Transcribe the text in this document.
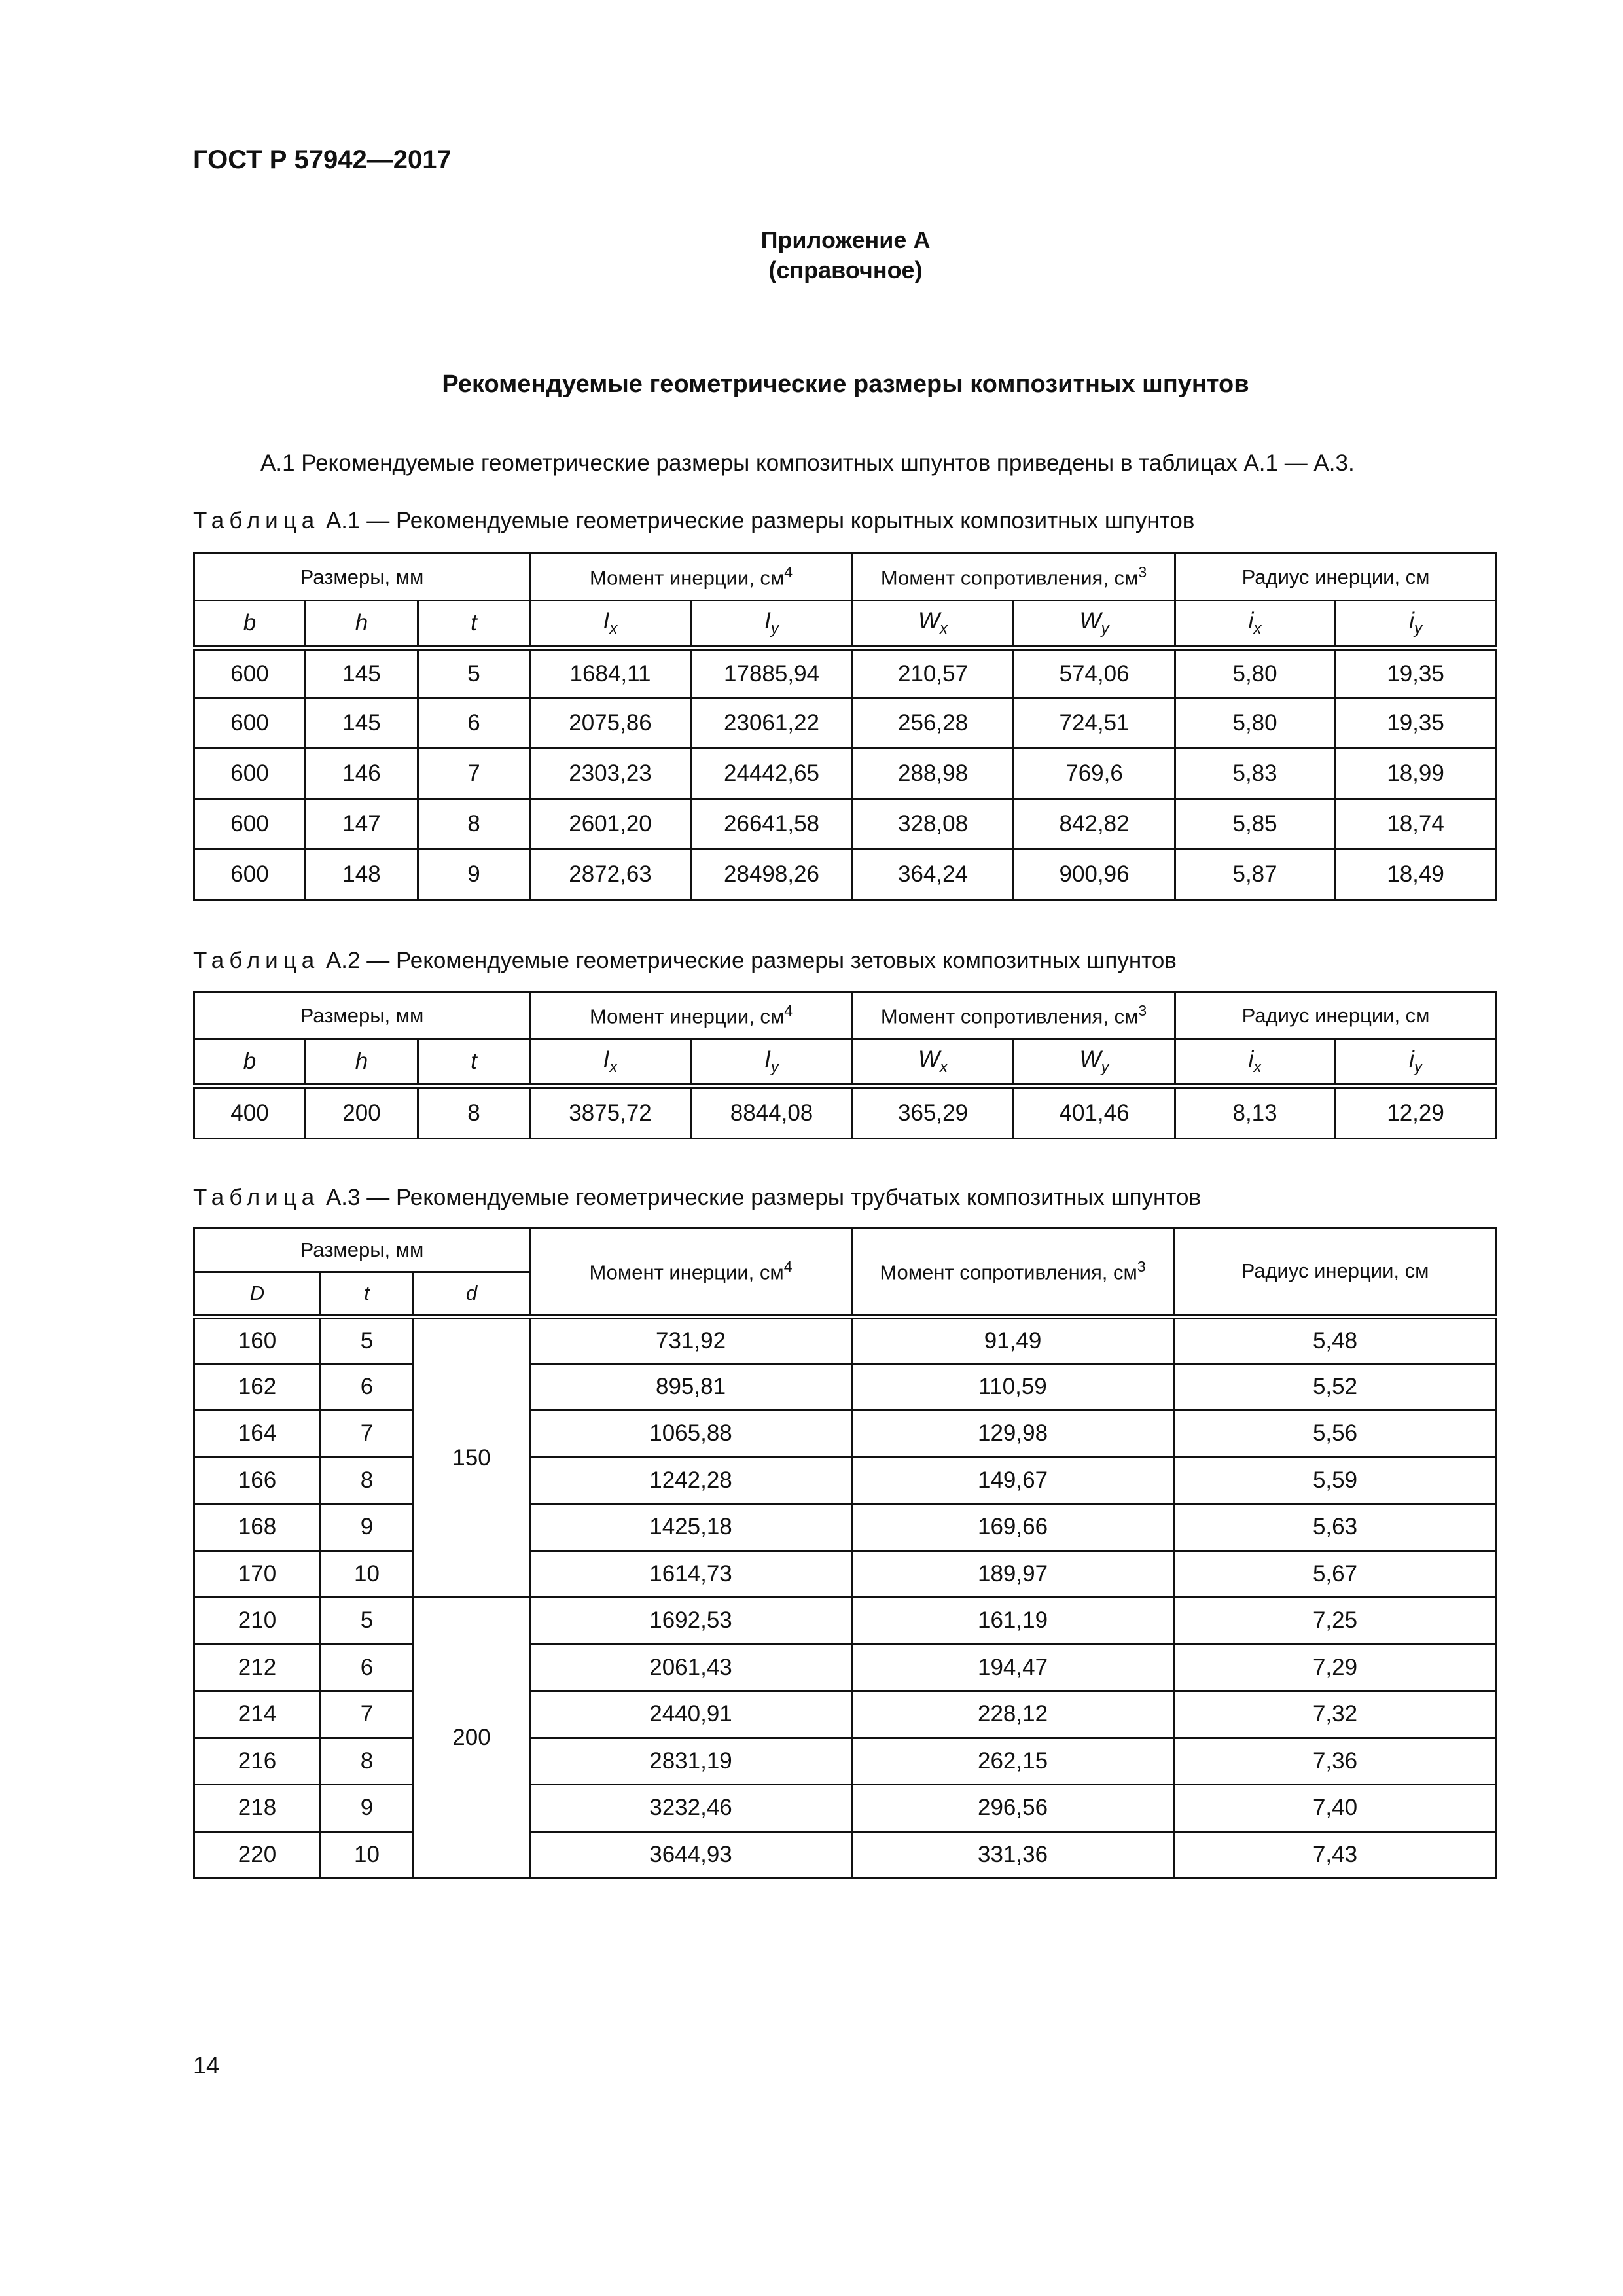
ГОСТ Р 57942—2017
Приложение А
(справочное)
Рекомендуемые геометрические размеры композитных шпунтов
А.1 Рекомендуемые геометрические размеры композитных шпунтов приведены в таблицах А.1 — А.3.
Таблица А.1 — Рекомендуемые геометрические размеры корытных композитных шпунтов
Размеры, мм			Момент инерции, $см^4$		Момент сопротивления, $см^3$		Радиус инерции, см	
b	h	t	$I_x$	$I_y$	$W_x$	$W_y$	$i_x$	$i_y$
600	145	5	1684,11	17885,94	210,57	574,06	5,80	19,35
600	145	6	2075,86	23061,22	256,28	724,51	5,80	19,35
600	146	7	2303,23	24442,65	288,98	769,6	5,83	18,99
600	147	8	2601,20	26641,58	328,08	842,82	5,85	18,74
600	148	9	2872,63	28498,26	364,24	900,96	5,87	18,49
Таблица А.2 — Рекомендуемые геометрические размеры зетовых композитных шпунтов
Размеры, мм			Момент инерции, $см^4$		Момент сопротивления, $см^3$		Радиус инерции, см	
b	h	t	$I_x$	$I_y$	$W_x$	$W_y$	$i_x$	$i_y$
400	200	8	3875,72	8844,08	365,29	401,46	8,13	12,29
Таблица А.3 — Рекомендуемые геометрические размеры трубчатых композитных шпунтов
Размеры, мм			Момент инерции, $см^4$	Момент сопротивления, $см^3$	Радиус инерции, см
D	t	d			
160	5	150	731,92	91,49	5,48
162	6		895,81	110,59	5,52
164	7		1065,88	129,98	5,56
166	8		1242,28	149,67	5,59
168	9		1425,18	169,66	5,63
170	10		1614,73	189,97	5,67
210	5	200	1692,53	161,19	7,25
212	6		2061,43	194,47	7,29
214	7		2440,91	228,12	7,32
216	8		2831,19	262,15	7,36
218	9		3232,46	296,56	7,40
220	10		3644,93	331,36	7,43
14
